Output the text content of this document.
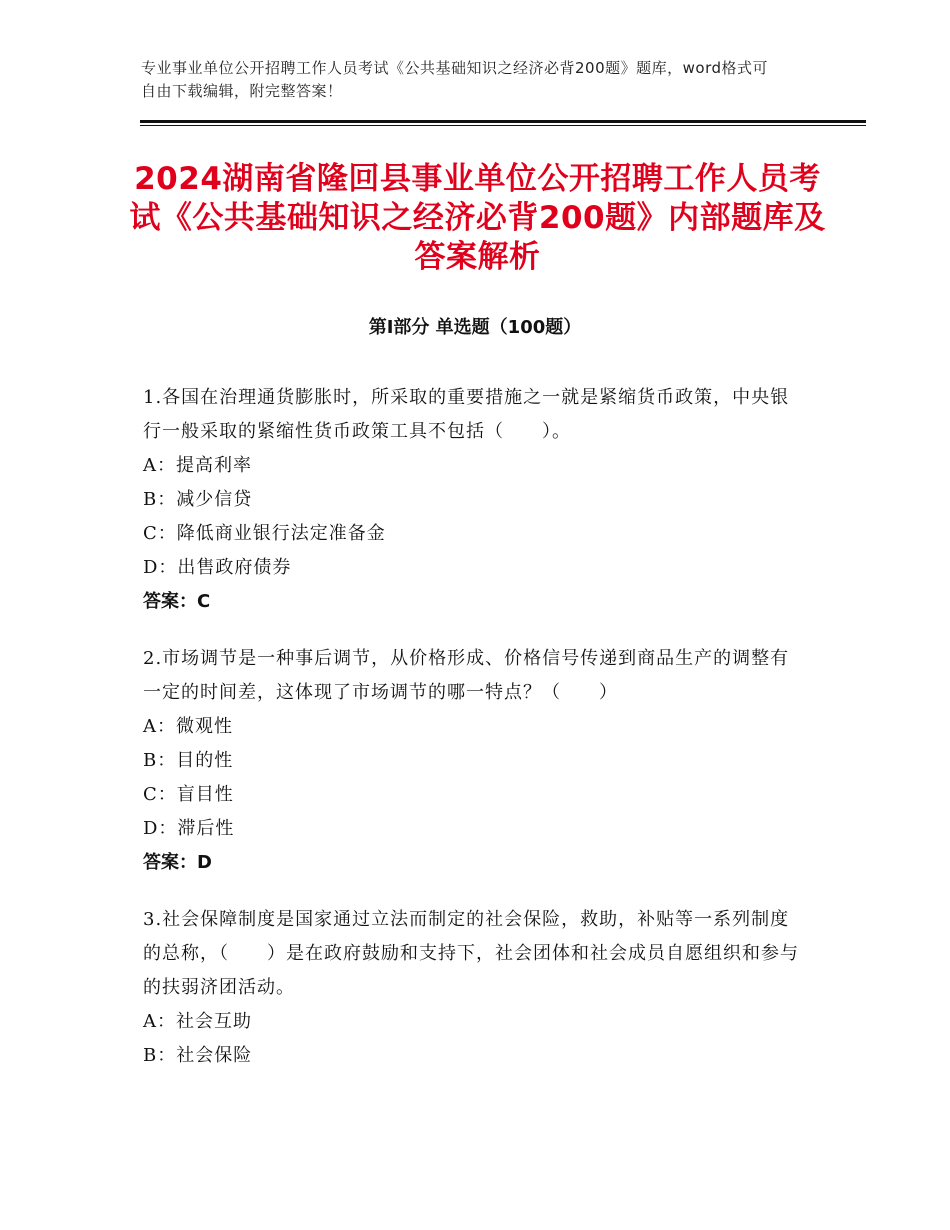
专业事业单位公开招聘工作人员考试《公共基础知识之经济必背200题》题库，word格式可自由下载编辑，附完整答案！
2024湖南省隆回县事业单位公开招聘工作人员考试《公共基础知识之经济必背200题》内部题库及答案解析
第I部分 单选题（100题）
1.各国在治理通货膨胀时，所采取的重要措施之一就是紧缩货币政策，中央银行一般采取的紧缩性货币政策工具不包括（　　）。
A：提高利率
B：减少信贷
C：降低商业银行法定准备金
D：出售政府债券
答案：C
2.市场调节是一种事后调节，从价格形成、价格信号传递到商品生产的调整有一定的时间差，这体现了市场调节的哪一特点？（　　）
A：微观性
B：目的性
C：盲目性
D：滞后性
答案：D
3.社会保障制度是国家通过立法而制定的社会保险，救助，补贴等一系列制度的总称，（　　）是在政府鼓励和支持下，社会团体和社会成员自愿组织和参与的扶弱济团活动。
A：社会互助
B：社会保险
